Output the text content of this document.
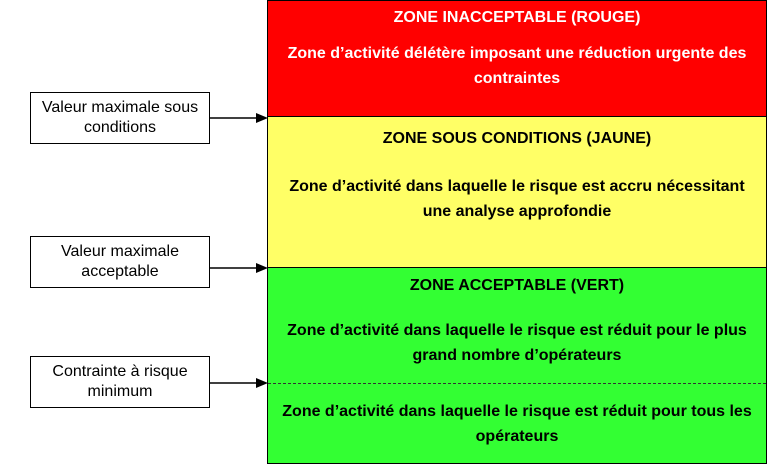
ZONE INACCEPTABLE (ROUGE)
Zone d’activité délétère imposant une réduction urgente des contraintes
ZONE SOUS CONDITIONS (JAUNE)
Zone d’activité dans laquelle le risque est accru nécessitant une analyse approfondie
ZONE ACCEPTABLE (VERT)
Zone d’activité dans laquelle le risque est réduit pour le plus grand nombre d’opérateurs
Zone d’activité dans laquelle le risque est réduit pour tous les opérateurs
Valeur maximale sous conditions
Valeur maximale acceptable
Contrainte à risque minimum
